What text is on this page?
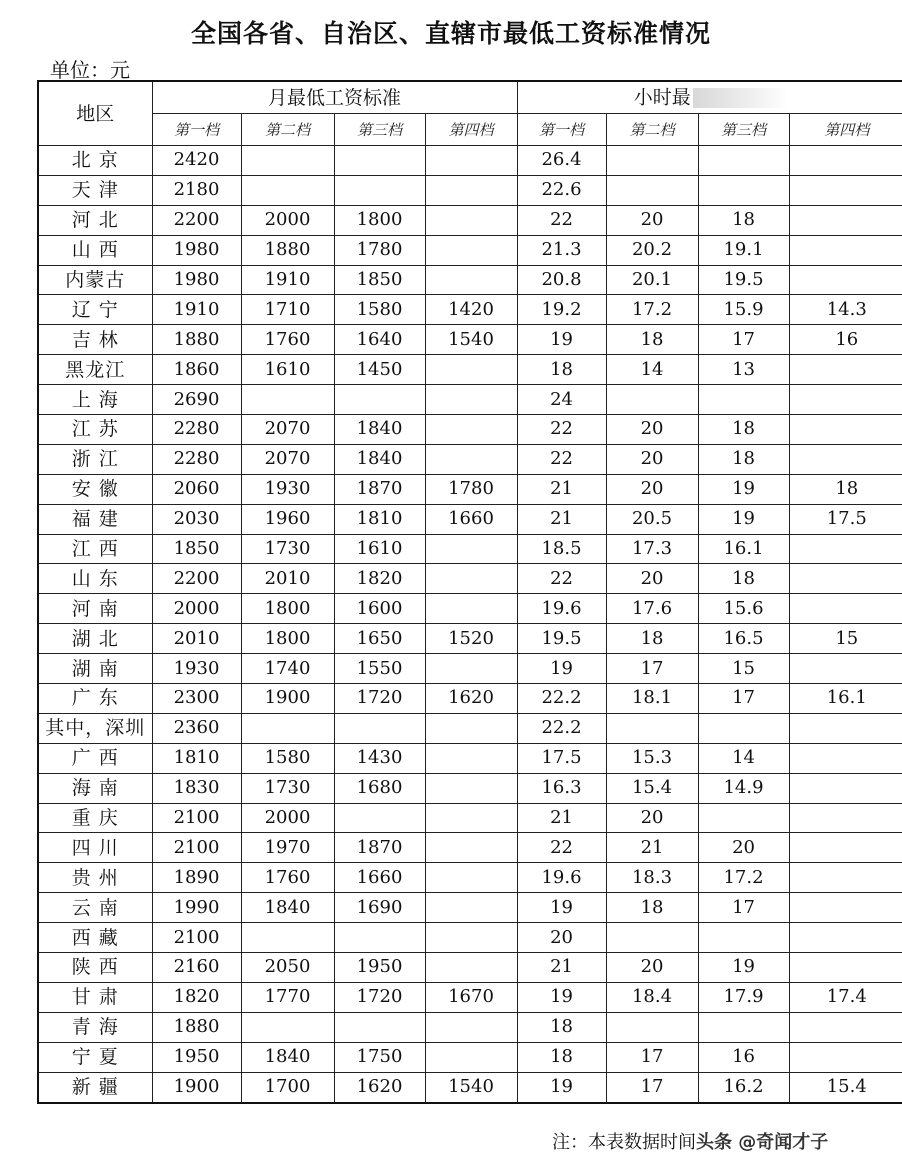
全国各省、自治区、直辖市最低工资标准情况
单位：元
地区	月最低工资标准				小时最			
	第一档	第二档	第三档	第四档	第一档	第二档	第三档	第四档
北 京	2420				26.4			
天 津	2180				22.6			
河 北	2200	2000	1800		22	20	18	
山 西	1980	1880	1780		21.3	20.2	19.1	
内蒙古	1980	1910	1850		20.8	20.1	19.5	
辽 宁	1910	1710	1580	1420	19.2	17.2	15.9	14.3
吉 林	1880	1760	1640	1540	19	18	17	16
黑龙江	1860	1610	1450		18	14	13	
上 海	2690				24			
江 苏	2280	2070	1840		22	20	18	
浙 江	2280	2070	1840		22	20	18	
安 徽	2060	1930	1870	1780	21	20	19	18
福 建	2030	1960	1810	1660	21	20.5	19	17.5
江 西	1850	1730	1610		18.5	17.3	16.1	
山 东	2200	2010	1820		22	20	18	
河 南	2000	1800	1600		19.6	17.6	15.6	
湖 北	2010	1800	1650	1520	19.5	18	16.5	15
湖 南	1930	1740	1550		19	17	15	
广 东	2300	1900	1720	1620	22.2	18.1	17	16.1
其中，深圳	2360				22.2			
广 西	1810	1580	1430		17.5	15.3	14	
海 南	1830	1730	1680		16.3	15.4	14.9	
重 庆	2100	2000			21	20		
四 川	2100	1970	1870		22	21	20	
贵 州	1890	1760	1660		19.6	18.3	17.2	
云 南	1990	1840	1690		19	18	17	
西 藏	2100				20			
陕 西	2160	2050	1950		21	20	19	
甘 肃	1820	1770	1720	1670	19	18.4	17.9	17.4
青 海	1880				18			
宁 夏	1950	1840	1750		18	17	16	
新 疆	1900	1700	1620	1540	19	17	16.2	15.4
注：本表数据时间头条 @奇闻才子
